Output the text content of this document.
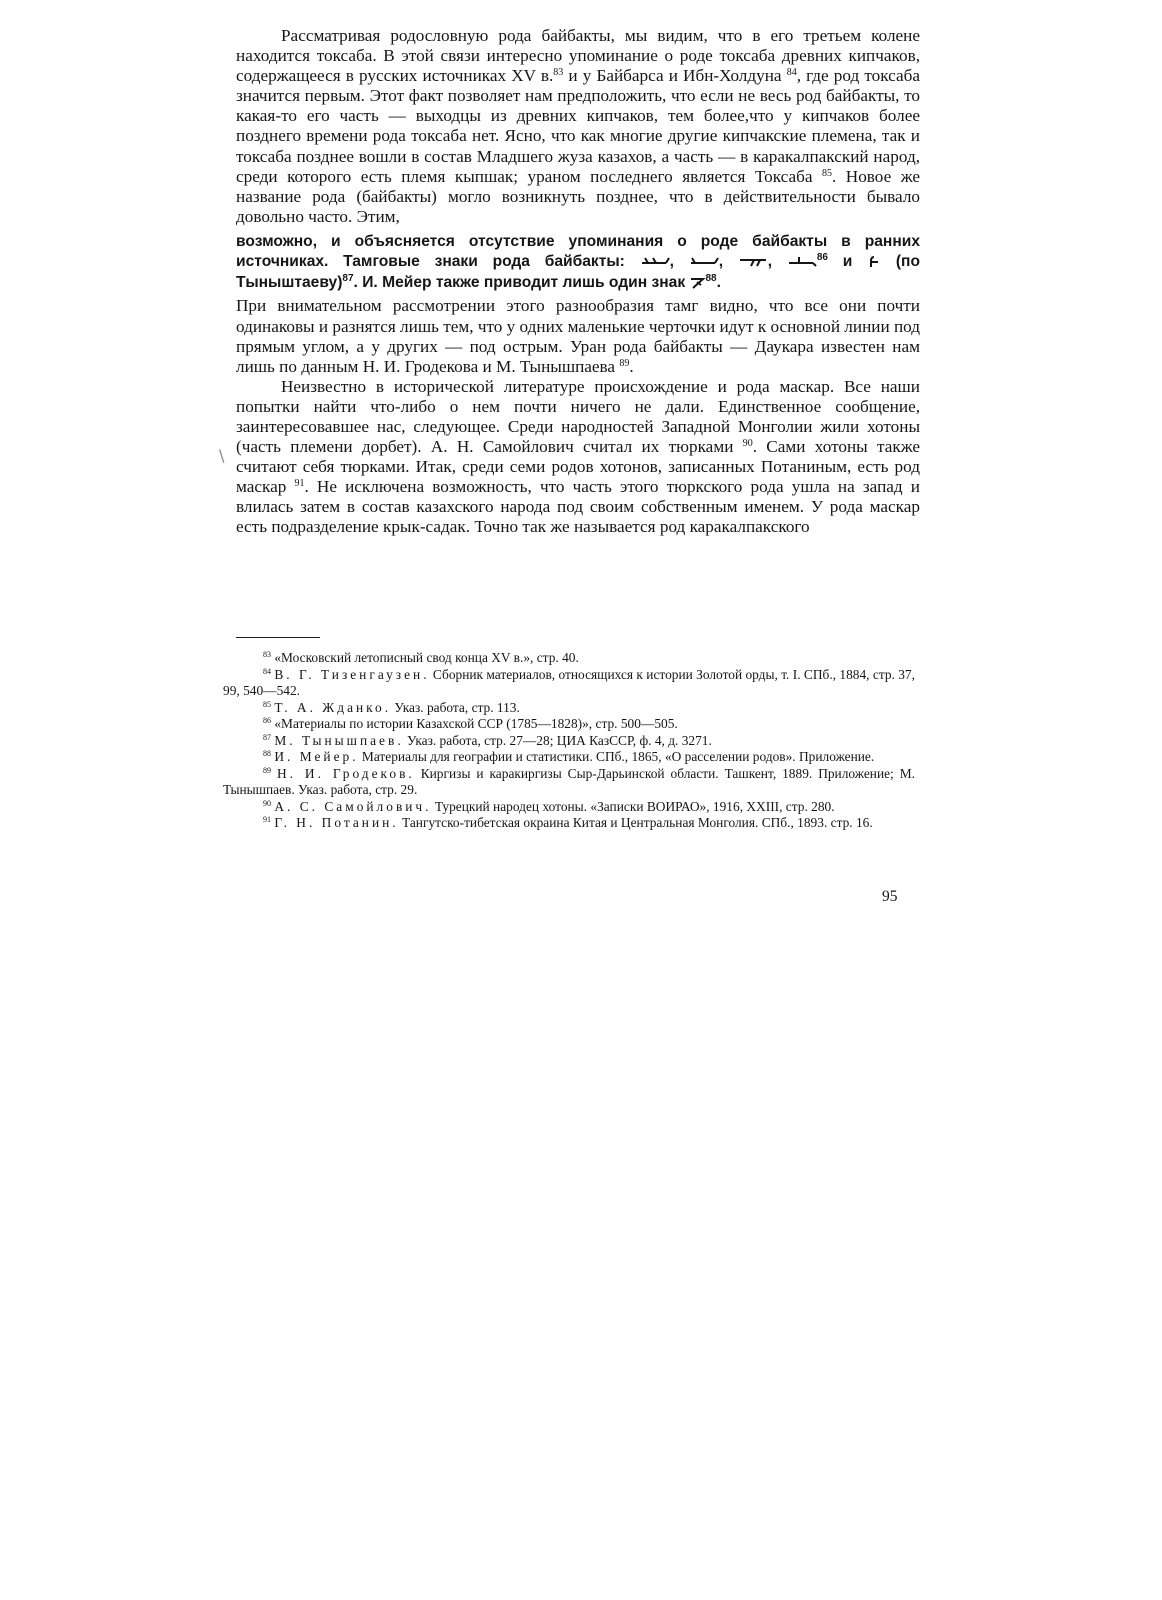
Рассматривая родословную рода байбакты, мы видим, что в его третьем колене находится токсаба. В этой связи интересно упоминание о роде токсаба древних кипчаков, содержащееся в русских источниках XV в.$^{83}$ и у Байбарса и Ибн-Холдуна $^{84}$, где род токсаба значится первым. Этот факт позволяет нам предположить, что если не весь род байбакты, то какая-то его часть — выходцы из древних кипчаков, тем более,что у кипчаков более позднего времени рода токсаба нет. Ясно, что как многие другие кипчакские племена, так и токсаба позднее вошли в состав Младшего жуза казахов, а часть — в каракалпакский народ, среди которого есть племя кыпшак; ураном последнего является Токсаба $^{85}$. Новое же название рода (байбакты) могло возникнуть позднее, что в действительности бывало довольно часто. Этим,

возможно, и объясняется отсутствие упоминания о роде байбакты в ранних источниках. Тамговые знаки рода байбакты:	, , ,	$^{86}$ и	(по Тыныштаеву)$^{87}$. И. Мейер также приводит лишь один знак $^{88}$.

При внимательном рассмотрении этого разнообразия тамг видно, что все они почти одинаковы и разнятся лишь тем, что у одних маленькие черточки идут к основной линии под прямым углом, а у других — под острым. Уран рода байбакты — Даукара известен нам лишь по данным Н. И. Гродекова и М. Тынышпаева $^{89}$.

Неизвестно в исторической литературе происхождение и рода маскар. Все наши попытки найти что-либо о нем почти ничего не дали. Единственное сообщение, заинтересовавшее нас, следующее. Среди народностей Западной Монголии жили хотоны (часть племени дорбет). А. Н. Самойлович считал их тюрками $^{90}$. Сами хотоны также считают себя тюрками. Итак, среди семи родов хотонов, записанных Потаниным, есть род маскар $^{91}$. Не исключена возможность, что часть этого тюркского рода ушла на запад и влилась затем в состав казахского народа под своим собственным именем. У рода маскар есть подразделение крык-садак. Точно так же называется род каракалпакского

\

$^{83}$ «Московский летописный свод конца XV в.», стр. 40.

$^{84}$ В. Г. Тизенгаузен. Сборник материалов, относящихся к истории Золотой орды, т. I. СПб., 1884, стр. 37, 99, 540—542.

$^{85}$ Т. А. Жданко. Указ. работа, стр. 113.

$^{86}$ «Материалы по истории Казахской ССР (1785—1828)», стр. 500—505.

$^{87}$ М. Тынышпаев. Указ. работа, стр. 27—28; ЦИА КазССР, ф. 4, д. 3271.

$^{88}$ И. Мейер. Материалы для географии и статистики. СПб., 1865, «О расселении родов». Приложение.

$^{89}$ Н. И. Гродеков. Киргизы и каракиргизы Сыр-Дарьинской области. Ташкент, 1889. Приложение; М. Тынышпаев. Указ. работа, стр. 29.

$^{90}$ А. С. Самойлович. Турецкий народец хотоны. «Записки ВОИРАО», 1916, XXIII, стр. 280.

$^{91}$ Г. Н. Потанин. Тангутско-тибетская окраина Китая и Центральная Монголия. СПб., 1893. стр. 16.

95
